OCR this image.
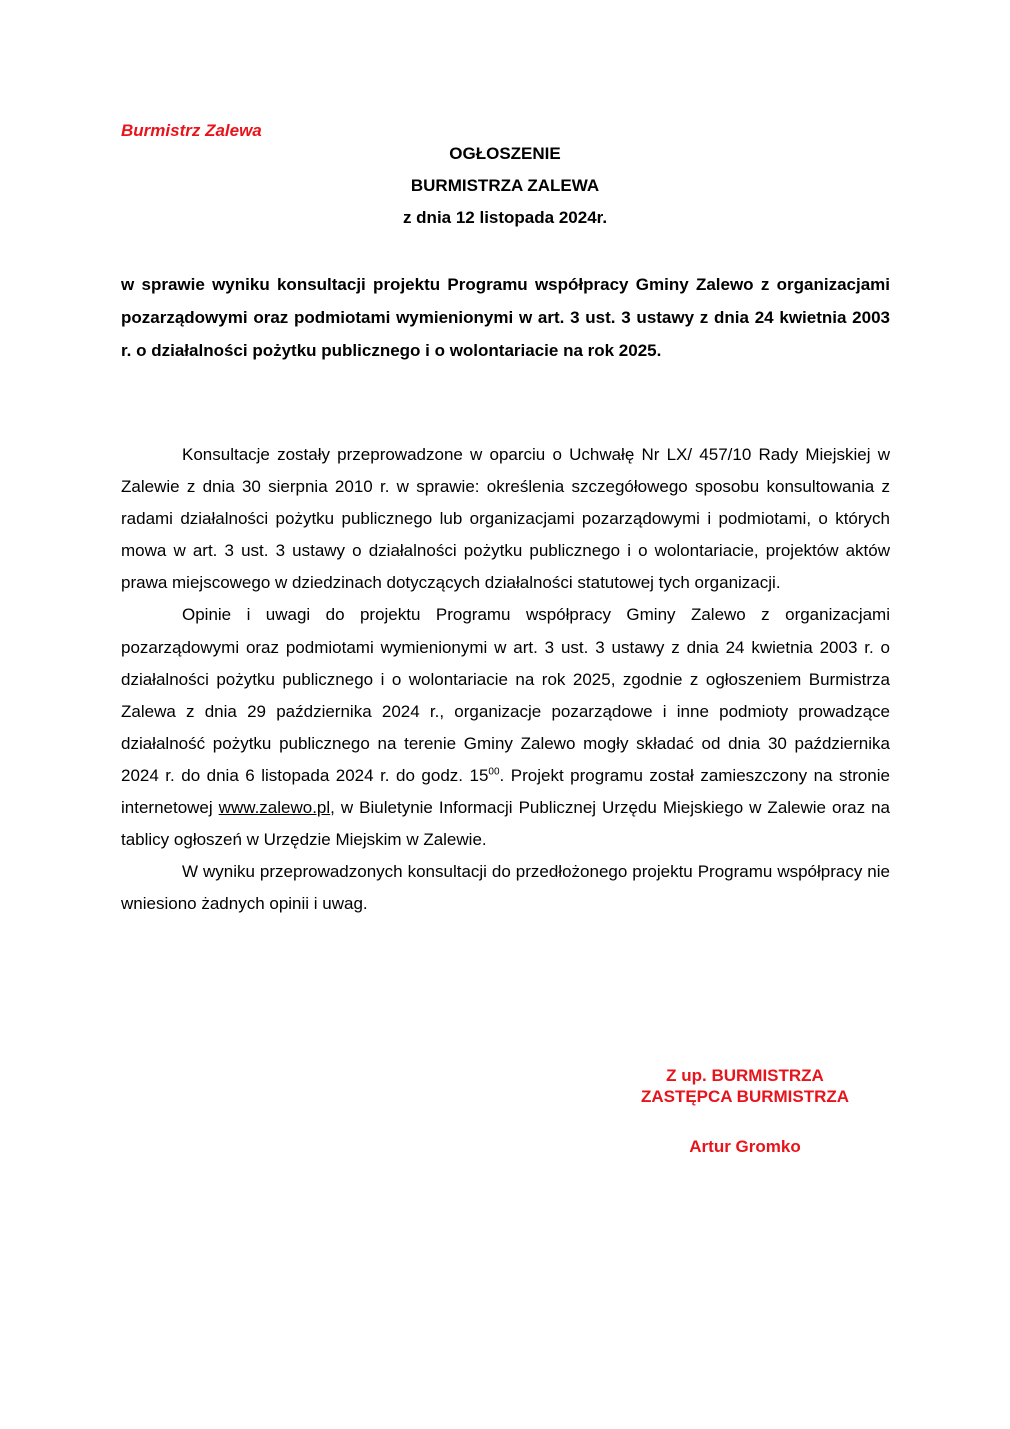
Burmistrz Zalewa
OGŁOSZENIE
BURMISTRZA ZALEWA
z dnia 12 listopada 2024r.
w sprawie wyniku konsultacji projektu Programu współpracy Gminy Zalewo z organizacjami pozarządowymi oraz podmiotami wymienionymi w art. 3 ust. 3 ustawy z dnia 24 kwietnia 2003 r. o działalności pożytku publicznego i o wolontariacie na rok 2025.

Konsultacje zostały przeprowadzone w oparciu o Uchwałę Nr LX/ 457/10 Rady Miejskiej w Zalewie z dnia 30 sierpnia 2010 r. w sprawie: określenia szczegółowego sposobu konsultowania z radami działalności pożytku publicznego lub organizacjami pozarządowymi i podmiotami, o których mowa w art. 3 ust. 3 ustawy o działalności pożytku publicznego i o wolontariacie, projektów aktów prawa miejscowego w dziedzinach dotyczących działalności statutowej tych organizacji.

Opinie i uwagi do projektu Programu współpracy Gminy Zalewo z organizacjami pozarządowymi oraz podmiotami wymienionymi w art. 3 ust. 3 ustawy z dnia 24 kwietnia 2003 r. o działalności pożytku publicznego i o wolontariacie na rok 2025, zgodnie z ogłoszeniem Burmistrza Zalewa z dnia 29 października 2024 r., organizacje pozarządowe i inne podmioty prowadzące działalność pożytku publicznego na terenie Gminy Zalewo mogły składać od dnia 30 października 2024 r. do dnia 6 listopada 2024 r. do godz. $15^{00}$. Projekt programu został zamieszczony na stronie internetowej www.zalewo.pl, w Biuletynie Informacji Publicznej Urzędu Miejskiego w Zalewie oraz na tablicy ogłoszeń w Urzędzie Miejskim w Zalewie.

W wyniku przeprowadzonych konsultacji do przedłożonego projektu Programu współpracy nie wniesiono żadnych opinii i uwag.

Z up. BURMISTRZA
ZASTĘPCA BURMISTRZA
Artur Gromko
